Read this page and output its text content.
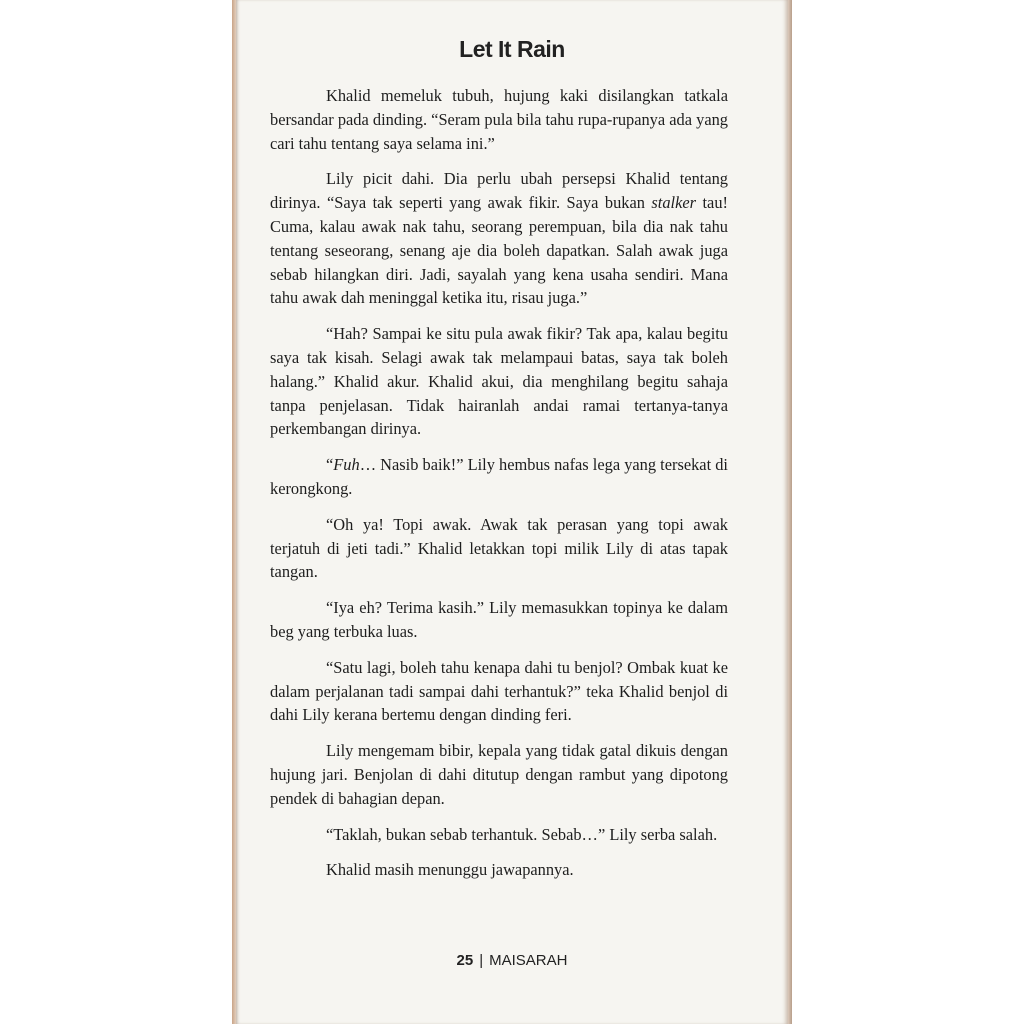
Let It Rain

Khalid memeluk tubuh, hujung kaki disilangkan tatkala bersandar pada dinding. “Seram pula bila tahu rupa-rupanya ada yang cari tahu tentang saya selama ini.”

Lily picit dahi. Dia perlu ubah persepsi Khalid tentang dirinya. “Saya tak seperti yang awak fikir. Saya bukan stalker tau! Cuma, kalau awak nak tahu, seorang perempuan, bila dia nak tahu tentang seseorang, senang aje dia boleh dapatkan. Salah awak juga sebab hilangkan diri. Jadi, sayalah yang kena usaha sendiri. Mana tahu awak dah meninggal ketika itu, risau juga.”

“Hah? Sampai ke situ pula awak fikir? Tak apa, kalau begitu saya tak kisah. Selagi awak tak melampaui batas, saya tak boleh halang.” Khalid akur. Khalid akui, dia menghilang begitu sahaja tanpa penjelasan. Tidak hairanlah andai ramai tertanya-tanya perkembangan dirinya.

“Fuh… Nasib baik!” Lily hembus nafas lega yang tersekat di kerongkong.

“Oh ya! Topi awak. Awak tak perasan yang topi awak terjatuh di jeti tadi.” Khalid letakkan topi milik Lily di atas tapak tangan.

“Iya eh? Terima kasih.” Lily memasukkan topinya ke dalam beg yang terbuka luas.

“Satu lagi, boleh tahu kenapa dahi tu benjol? Ombak kuat ke dalam perjalanan tadi sampai dahi terhantuk?” teka Khalid benjol di dahi Lily kerana bertemu dengan dinding feri.

Lily mengemam bibir, kepala yang tidak gatal dikuis dengan hujung jari. Benjolan di dahi ditutup dengan rambut yang dipotong pendek di bahagian depan.

“Taklah, bukan sebab terhantuk. Sebab…” Lily serba salah.

Khalid masih menunggu jawapannya.

25 | MAISARAH
